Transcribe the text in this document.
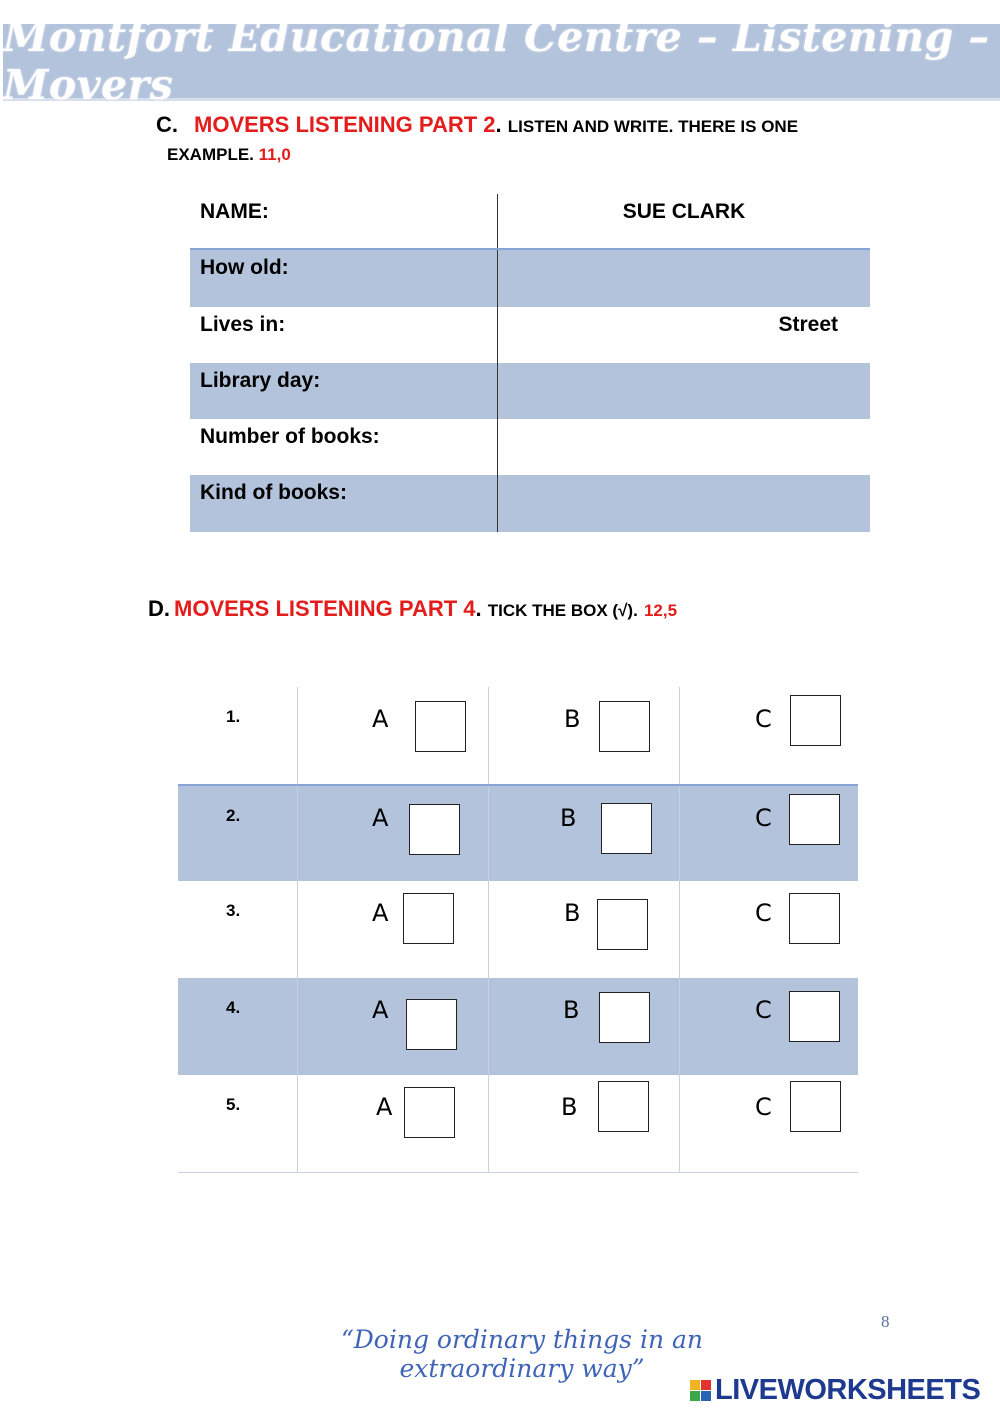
Montfort Educational Centre – Listening – Movers
C. MOVERS LISTENING PART 2. LISTEN AND WRITE. THERE IS ONE
EXAMPLE. 11,0
NAME:	SUE CLARK
How old:
Lives in:	Street
Library day:
Number of books:
Kind of books:
D. MOVERS LISTENING PART 4. TICK THE BOX (√). 12,5
1.	A	B	C
2.	A	B	C
3.	A	B	C
4.	A	B	C
5.	A	B	C
8
“Doing ordinary things in an extraordinary way”
LIVEWORKSHEETS
